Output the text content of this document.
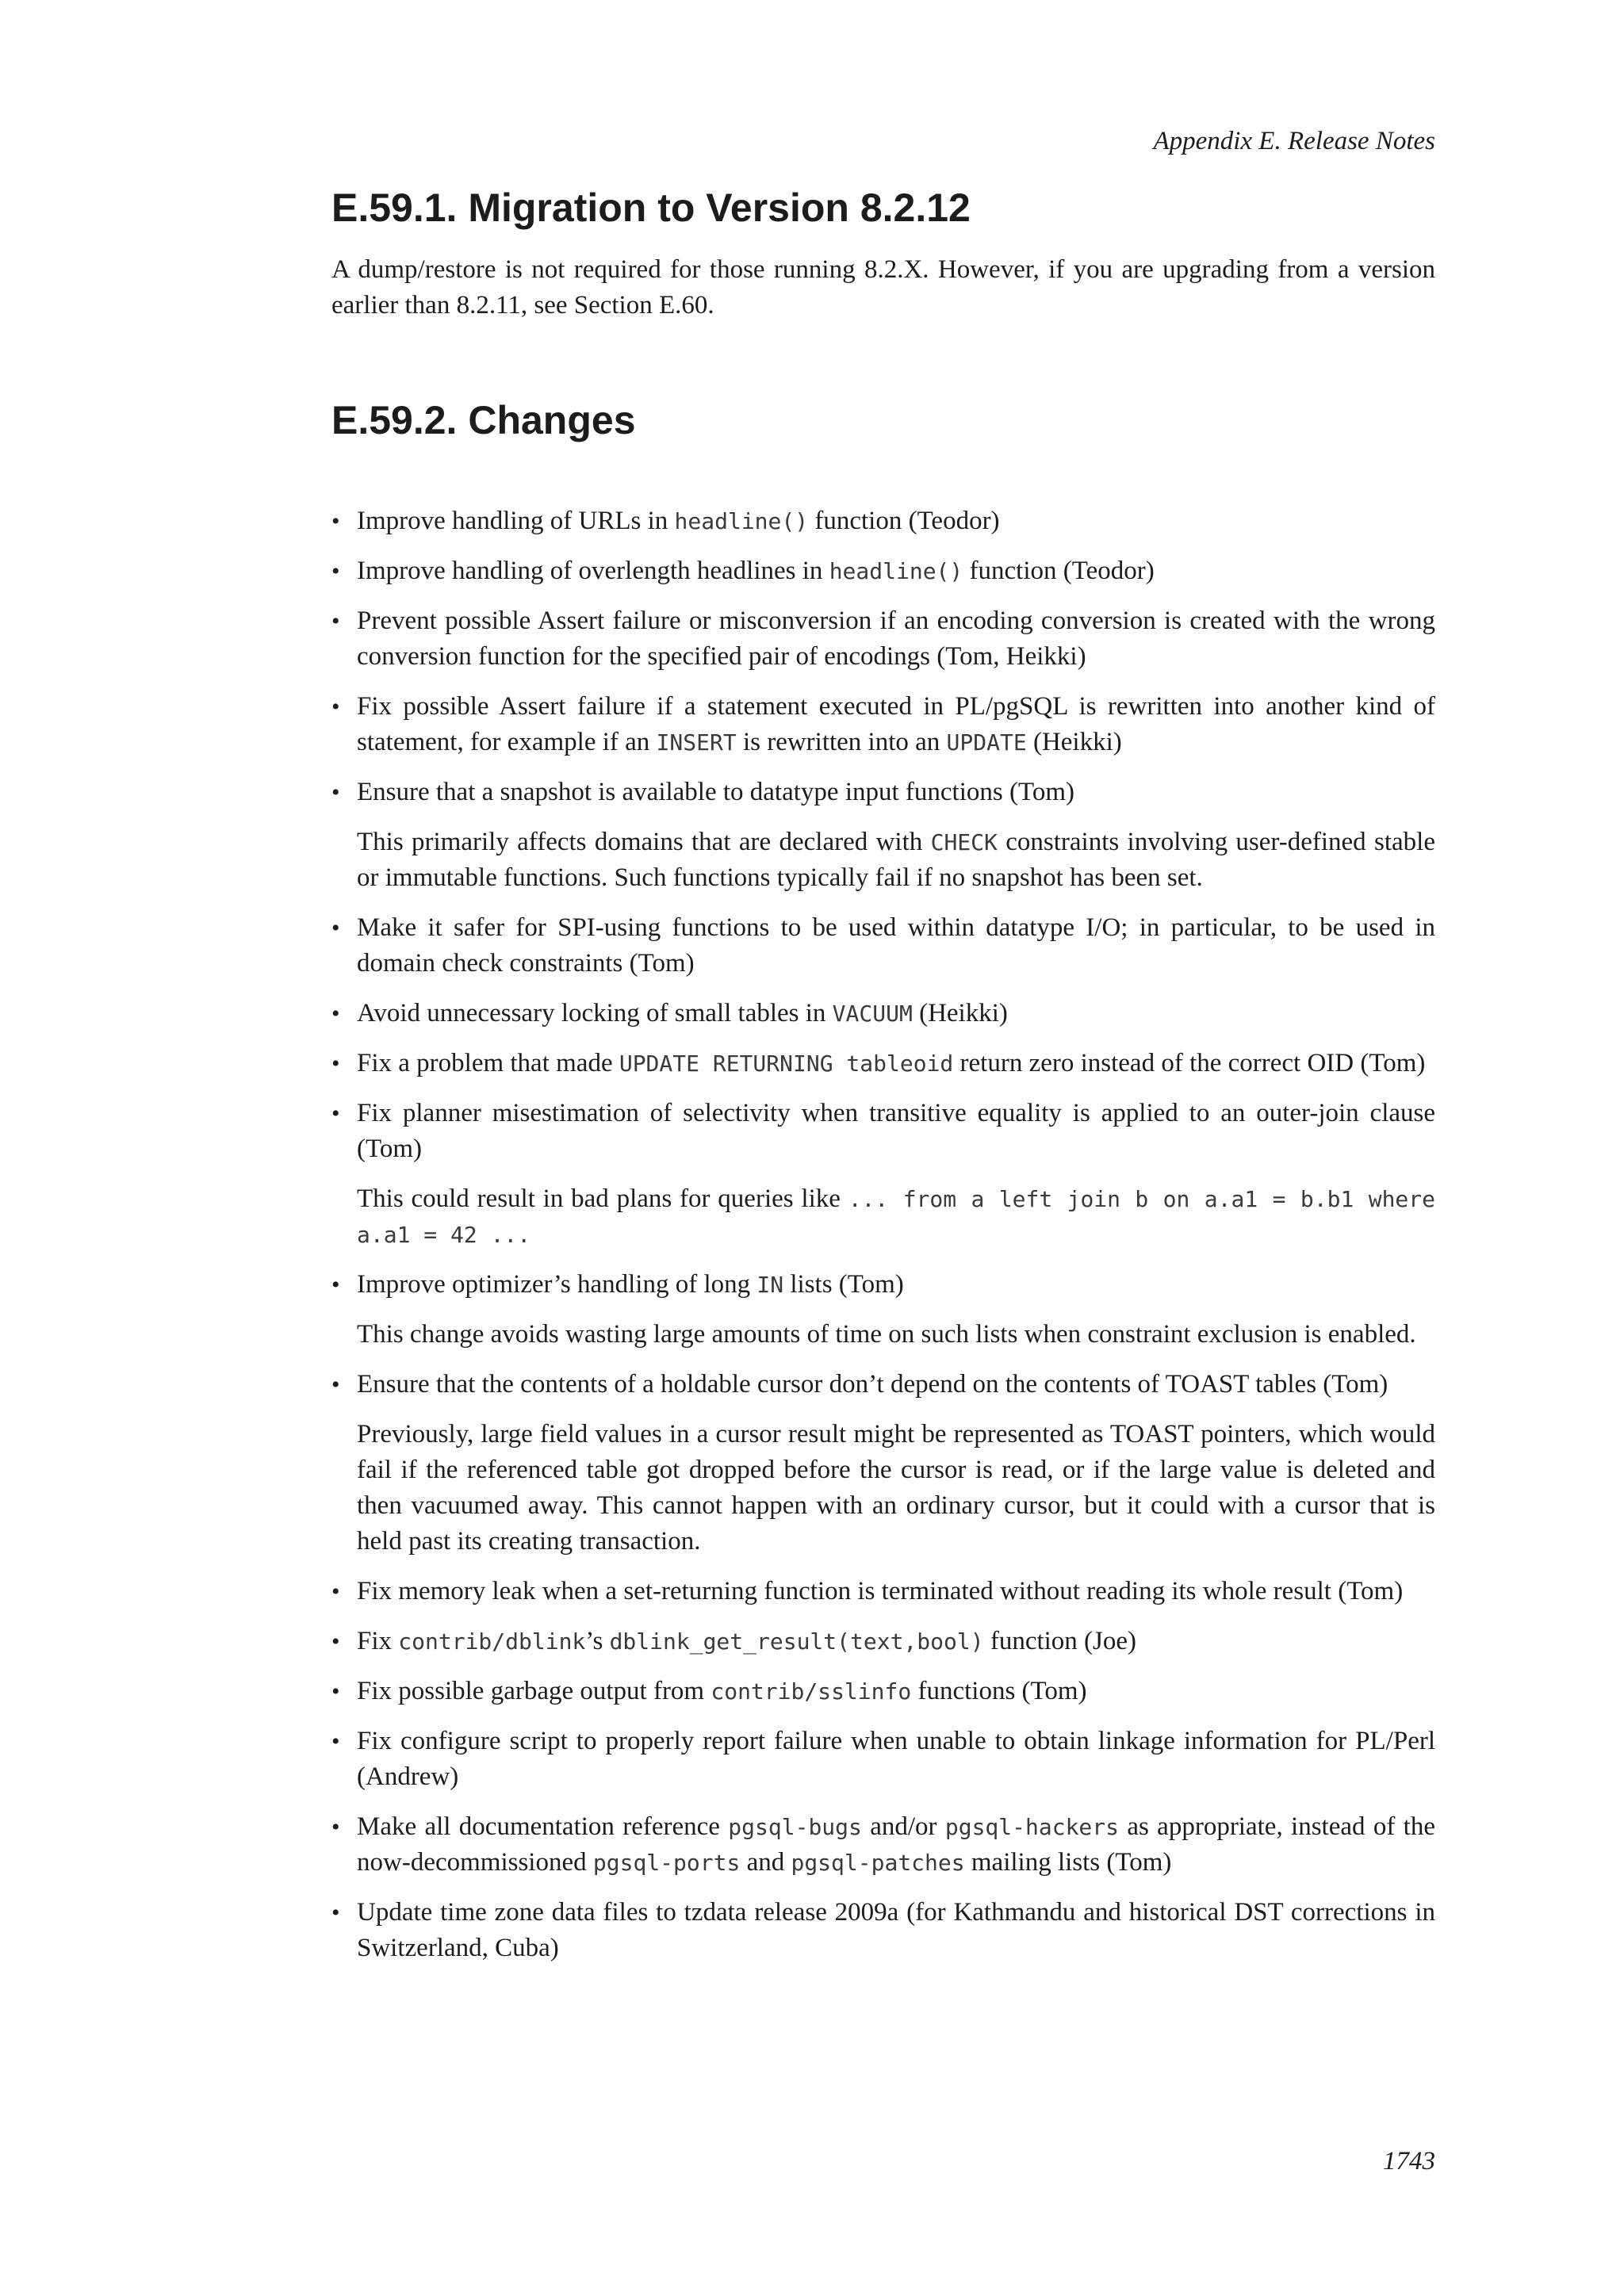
Appendix E. Release Notes
E.59.1. Migration to Version 8.2.12

A dump/restore is not required for those running 8.2.X. However, if you are upgrading from a version earlier than 8.2.11, see Section E.60.

E.59.2. Changes
• Improve handling of URLs in headline() function (Teodor)
• Improve handling of overlength headlines in headline() function (Teodor)
• Prevent possible Assert failure or misconversion if an encoding conversion is created with the wrong conversion function for the specified pair of encodings (Tom, Heikki)
• Fix possible Assert failure if a statement executed in PL/pgSQL is rewritten into another kind of statement, for example if an INSERT is rewritten into an UPDATE (Heikki)
• Ensure that a snapshot is available to datatype input functions (Tom)
This primarily affects domains that are declared with CHECK constraints involving user-defined stable or immutable functions. Such functions typically fail if no snapshot has been set.
• Make it safer for SPI-using functions to be used within datatype I/O; in particular, to be used in domain check constraints (Tom)
• Avoid unnecessary locking of small tables in VACUUM (Heikki)
• Fix a problem that made UPDATE RETURNING tableoid return zero instead of the correct OID (Tom)
• Fix planner misestimation of selectivity when transitive equality is applied to an outer-join clause (Tom)
This could result in bad plans for queries like ... from a left join b on a.a1 = b.b1 where a.a1 = 42 ...
• Improve optimizer’s handling of long IN lists (Tom)
This change avoids wasting large amounts of time on such lists when constraint exclusion is enabled.
• Ensure that the contents of a holdable cursor don’t depend on the contents of TOAST tables (Tom)
Previously, large field values in a cursor result might be represented as TOAST pointers, which would fail if the referenced table got dropped before the cursor is read, or if the large value is deleted and then vacuumed away. This cannot happen with an ordinary cursor, but it could with a cursor that is held past its creating transaction.
• Fix memory leak when a set-returning function is terminated without reading its whole result (Tom)
• Fix contrib/dblink’s dblink_get_result(text,bool) function (Joe)
• Fix possible garbage output from contrib/sslinfo functions (Tom)
• Fix configure script to properly report failure when unable to obtain linkage information for PL/Perl (Andrew)
• Make all documentation reference pgsql-bugs and/or pgsql-hackers as appropriate, instead of the now-decommissioned pgsql-ports and pgsql-patches mailing lists (Tom)
• Update time zone data files to tzdata release 2009a (for Kathmandu and historical DST corrections in Switzerland, Cuba)
1743
